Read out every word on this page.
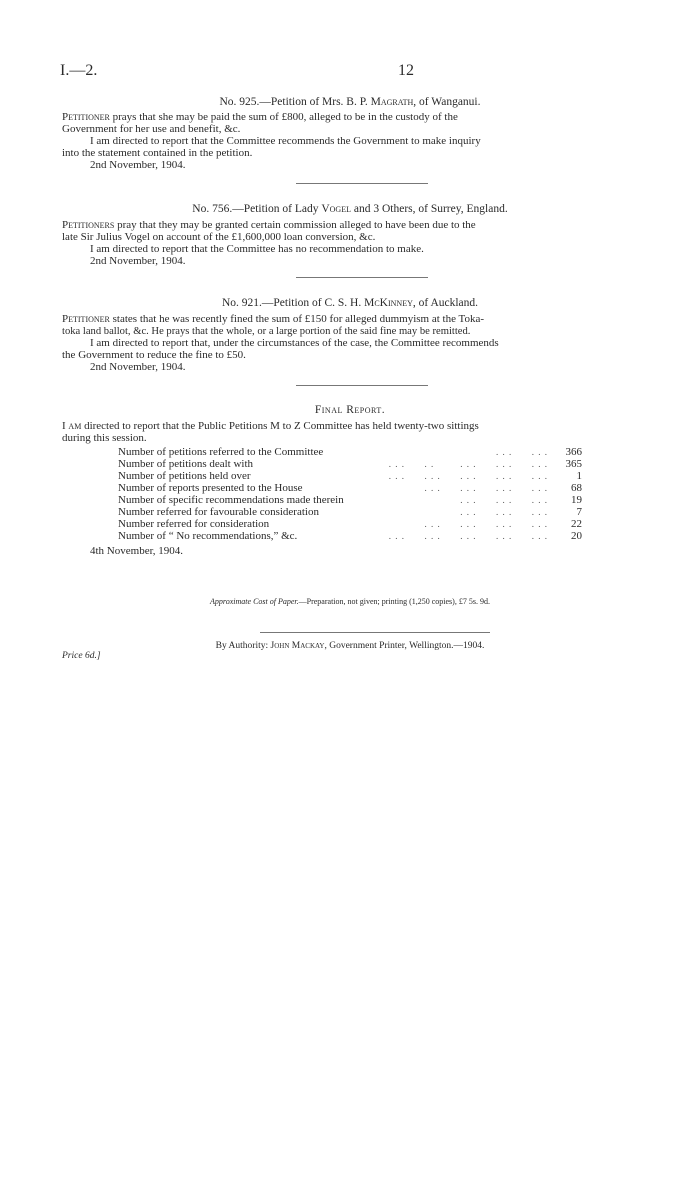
I.—2.	12
No. 925.—Petition of Mrs. B. P. Magrath, of Wanganui.
Petitioner prays that she may be paid the sum of £800, alleged to be in the custody of the
Government for her use and benefit, &c.
I am directed to report that the Committee recommends the Government to make inquiry
into the statement contained in the petition.
2nd November, 1904.
No. 756.—Petition of Lady Vogel and 3 Others, of Surrey, England.
Petitioners pray that they may be granted certain commission alleged to have been due to the
late Sir Julius Vogel on account of the £1,600,000 loan conversion, &c.
I am directed to report that the Committee has no recommendation to make.
2nd November, 1904.
No. 921.—Petition of C. S. H. McKinney, of Auckland.
Petitioner states that he was recently fined the sum of £150 for alleged dummyism at the Toka-
toka land ballot, &c. He prays that the whole, or a large portion of the said fine may be remitted.
I am directed to report that, under the circumstances of the case, the Committee recommends
the Government to reduce the fine to £50.
2nd November, 1904.
Final Report.
I am directed to report that the Public Petitions M to Z Committee has held twenty-two sittings
during this session.
Number of petitions referred to the Committee	. . .      . . .	366
Number of petitions dealt with	. . .      . .        . . .      . . .      . . .	365
Number of petitions held over	. . .      . . .      . . .      . . .      . . .	1
Number of reports presented to the House	. . .      . . .      . . .      . . .	68
Number of specific recommendations made therein	. . .      . . .      . . .	19
Number referred for favourable consideration	. . .      . . .      . . .	7
Number referred for consideration	. . .      . . .      . . .      . . .	22
Number of “ No recommendations,” &c.	. . .      . . .      . . .      . . .      . . .	20
4th November, 1904.
Approximate Cost of Paper.—Preparation, not given; printing (1,250 copies), £7 5s. 9d.
By Authority: John Mackay, Government Printer, Wellington.—1904.
Price 6d.]
